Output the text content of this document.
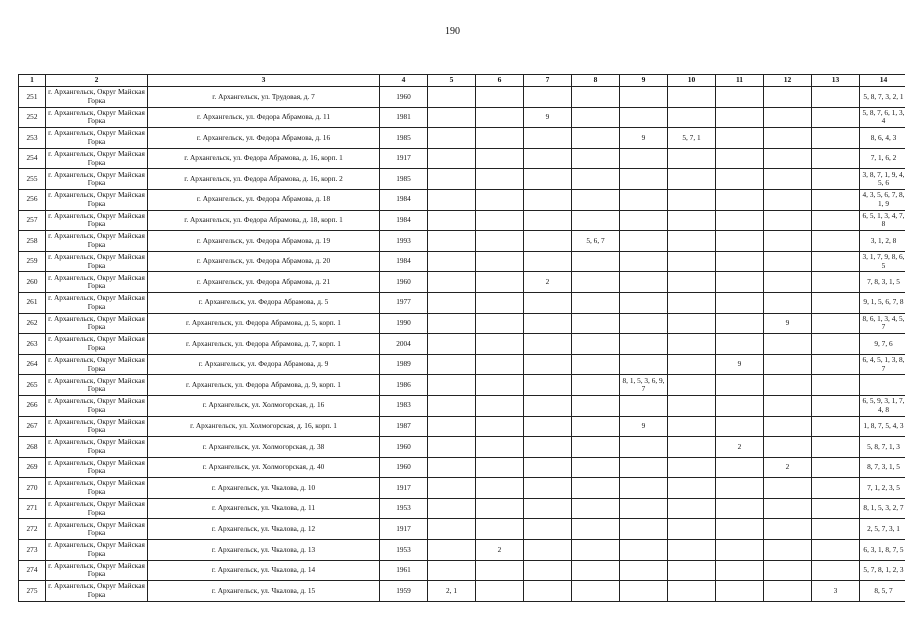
190
1	2	3	4	5	6	7	8	9	10	11	12	13	14
251	г. Архангельск, Округ Майская Горка	г. Архангельск, ул. Трудовая, д. 7	1960										5, 8, 7, 3, 2, 1
252	г. Архангельск, Округ Майская Горка	г. Архангельск, ул. Федора Абрамова, д. 11	1981			9							5, 8, 7, 6, 1, 3, 4
253	г. Архангельск, Округ Майская Горка	г. Архангельск, ул. Федора Абрамова, д. 16	1985					9	5, 7, 1				8, 6, 4, 3
254	г. Архангельск, Округ Майская Горка	г. Архангельск, ул. Федора Абрамова, д. 16, корп. 1	1917										7, 1, 6, 2
255	г. Архангельск, Округ Майская Горка	г. Архангельск, ул. Федора Абрамова, д. 16, корп. 2	1985										3, 8, 7, 1, 9, 4, 5, 6
256	г. Архангельск, Округ Майская Горка	г. Архангельск, ул. Федора Абрамова, д. 18	1984										4, 3, 5, 6, 7, 8, 1, 9
257	г. Архангельск, Округ Майская Горка	г. Архангельск, ул. Федора Абрамова, д. 18, корп. 1	1984										6, 5, 1, 3, 4, 7, 8
258	г. Архангельск, Округ Майская Горка	г. Архангельск, ул. Федора Абрамова, д. 19	1993				5, 6, 7						3, 1, 2, 8
259	г. Архангельск, Округ Майская Горка	г. Архангельск, ул. Федора Абрамова, д. 20	1984										3, 1, 7, 9, 8, 6, 5
260	г. Архангельск, Округ Майская Горка	г. Архангельск, ул. Федора Абрамова, д. 21	1960			2							7, 8, 3, 1, 5
261	г. Архангельск, Округ Майская Горка	г. Архангельск, ул. Федора Абрамова, д. 5	1977										9, 1, 5, 6, 7, 8
262	г. Архангельск, Округ Майская Горка	г. Архангельск, ул. Федора Абрамова, д. 5, корп. 1	1990								9		8, 6, 1, 3, 4, 5, 7
263	г. Архангельск, Округ Майская Горка	г. Архангельск, ул. Федора Абрамова, д. 7, корп. 1	2004										9, 7, 6
264	г. Архангельск, Округ Майская Горка	г. Архангельск, ул. Федора Абрамова, д. 9	1989							9			6, 4, 5, 1, 3, 8, 7
265	г. Архангельск, Округ Майская Горка	г. Архангельск, ул. Федора Абрамова, д. 9, корп. 1	1986					8, 1, 5, 3, 6, 9, 7					
266	г. Архангельск, Округ Майская Горка	г. Архангельск, ул. Холмогорская, д. 16	1983										6, 5, 9, 3, 1, 7, 4, 8
267	г. Архангельск, Округ Майская Горка	г. Архангельск, ул. Холмогорская, д. 16, корп. 1	1987					9					1, 8, 7, 5, 4, 3
268	г. Архангельск, Округ Майская Горка	г. Архангельск, ул. Холмогорская, д. 38	1960							2			5, 8, 7, 1, 3
269	г. Архангельск, Округ Майская Горка	г. Архангельск, ул. Холмогорская, д. 40	1960								2		8, 7, 3, 1, 5
270	г. Архангельск, Округ Майская Горка	г. Архангельск, ул. Чкалова, д. 10	1917										7, 1, 2, 3, 5
271	г. Архангельск, Округ Майская Горка	г. Архангельск, ул. Чкалова, д. 11	1953										8, 1, 5, 3, 2, 7
272	г. Архангельск, Округ Майская Горка	г. Архангельск, ул. Чкалова, д. 12	1917										2, 5, 7, 3, 1
273	г. Архангельск, Округ Майская Горка	г. Архангельск, ул. Чкалова, д. 13	1953		2								6, 3, 1, 8, 7, 5
274	г. Архангельск, Округ Майская Горка	г. Архангельск, ул. Чкалова, д. 14	1961										5, 7, 8, 1, 2, 3
275	г. Архангельск, Округ Майская Горка	г. Архангельск, ул. Чкалова, д. 15	1959	2, 1								3	8, 5, 7
